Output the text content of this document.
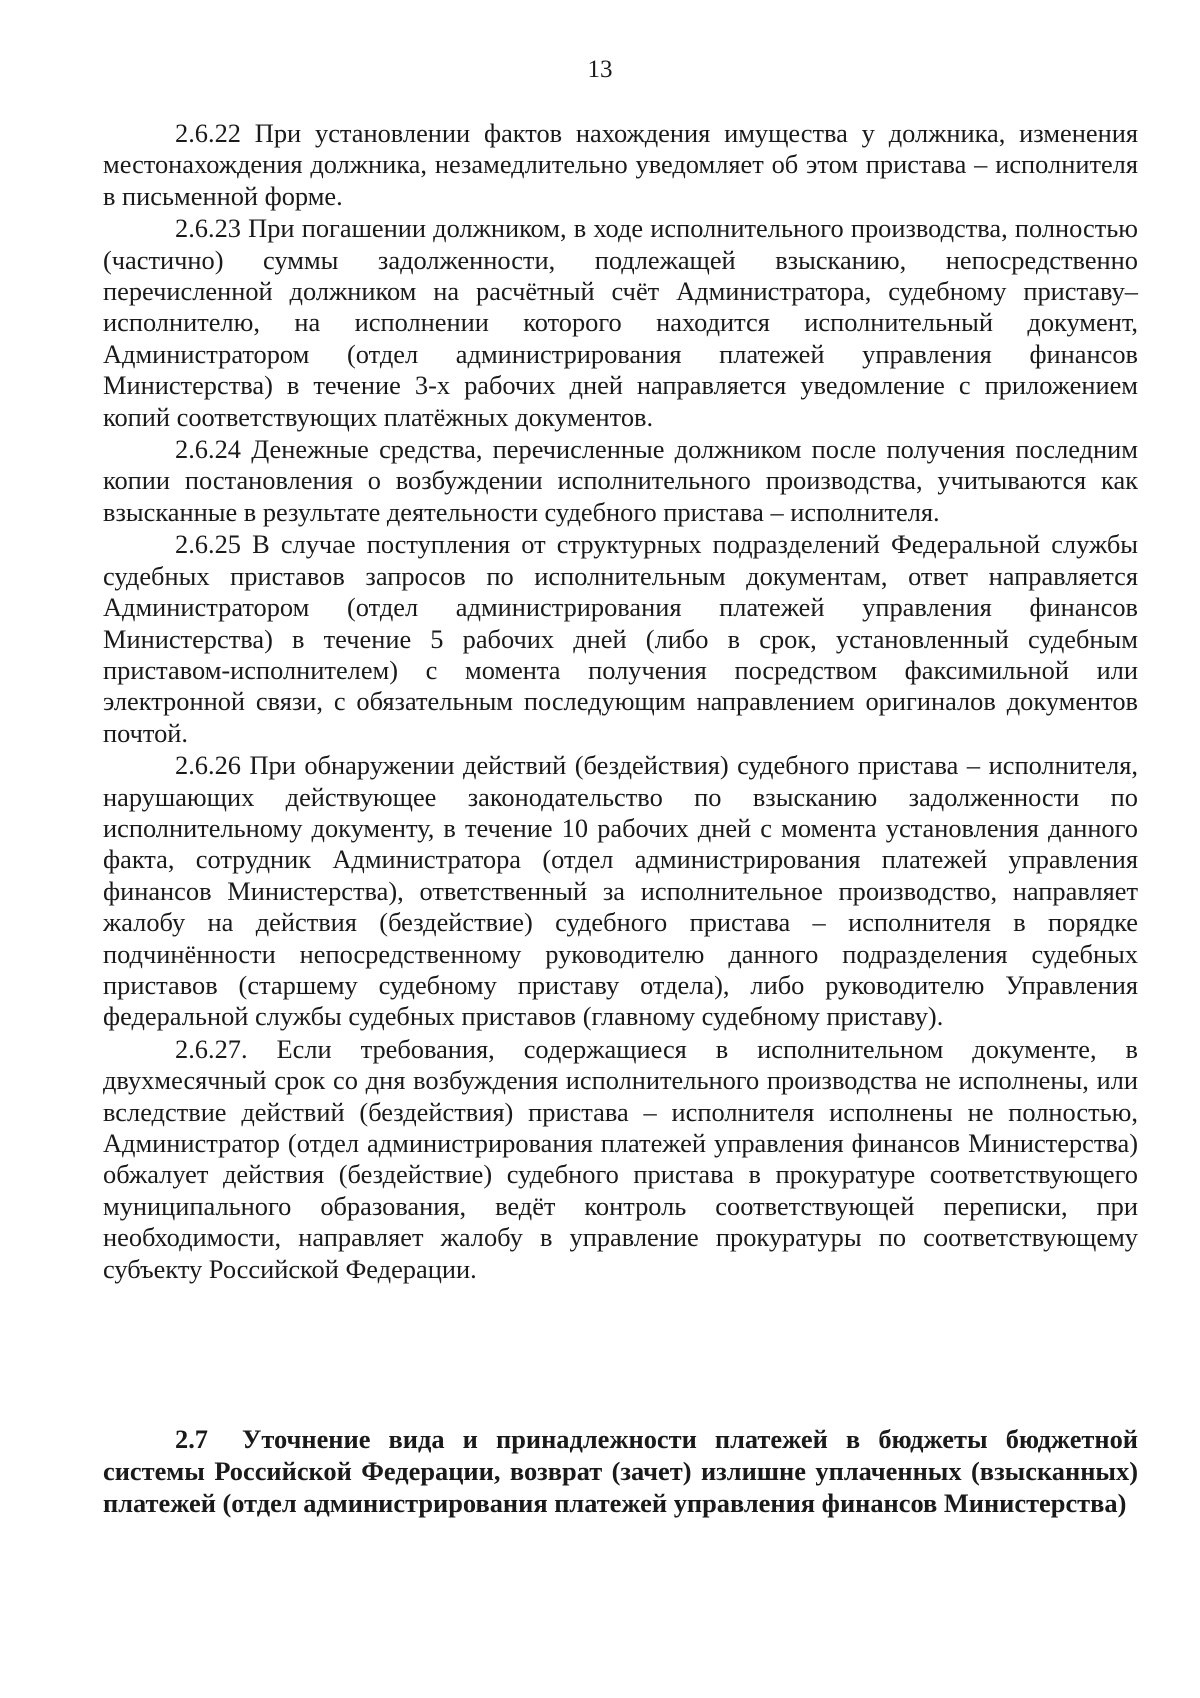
13

2.6.22 При установлении фактов нахождения имущества у должника, изменения местонахождения должника, незамедлительно уведомляет об этом пристава – исполнителя в письменной форме.

2.6.23 При погашении должником, в ходе исполнительного производства, полностью (частично) суммы задолженности, подлежащей взысканию, непосредственно перечисленной должником на расчётный счёт Администратора, судебному приставу–исполнителю, на исполнении которого находится исполнительный документ, Администратором (отдел администрирования платежей управления финансов Министерства) в течение 3-х рабочих дней направляется уведомление с приложением копий соответствующих платёжных документов.

2.6.24 Денежные средства, перечисленные должником после получения последним копии постановления о возбуждении исполнительного производства, учитываются как взысканные в результате деятельности судебного пристава – исполнителя.

2.6.25 В случае поступления от структурных подразделений Федеральной службы судебных приставов запросов по исполнительным документам, ответ направляется Администратором (отдел администрирования платежей управления финансов Министерства) в течение 5 рабочих дней (либо в срок, установленный судебным приставом-исполнителем) с момента получения посредством факсимильной или электронной связи, с обязательным последующим направлением оригиналов документов почтой.

2.6.26 При обнаружении действий (бездействия) судебного пристава – исполнителя, нарушающих действующее законодательство по взысканию задолженности по исполнительному документу, в течение 10 рабочих дней с момента установления данного факта, сотрудник Администратора (отдел администрирования платежей управления финансов Министерства), ответственный за исполнительное производство, направляет жалобу на действия (бездействие) судебного пристава – исполнителя в порядке подчинённости непосредственному руководителю данного подразделения судебных приставов (старшему судебному приставу отдела), либо руководителю Управления федеральной службы судебных приставов (главному судебному приставу).

2.6.27. Если требования, содержащиеся в исполнительном документе, в двухмесячный срок со дня возбуждения исполнительного производства не исполнены, или вследствие действий (бездействия) пристава – исполнителя исполнены не полностью, Администратор (отдел администрирования платежей управления финансов Министерства) обжалует действия (бездействие) судебного пристава в прокуратуре соответствующего муниципального образования, ведёт контроль соответствующей переписки, при необходимости, направляет жалобу в управление прокуратуры по соответствующему субъекту Российской Федерации.

2.7 Уточнение вида и принадлежности платежей в бюджеты бюджетной системы Российской Федерации, возврат (зачет) излишне уплаченных (взысканных) платежей (отдел администрирования платежей управления финансов Министерства)
